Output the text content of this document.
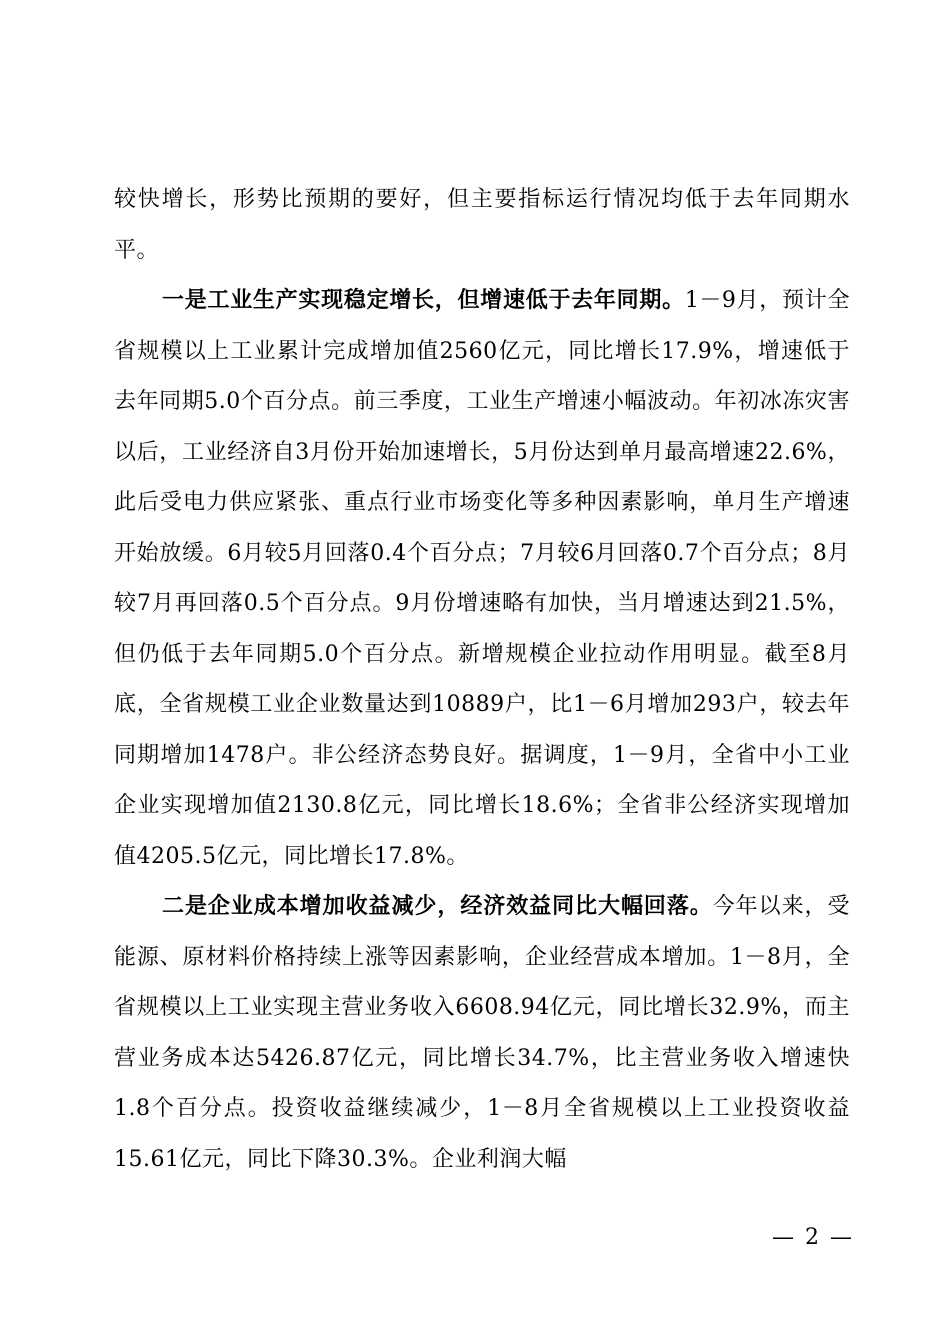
较快增长，形势比预期的要好，但主要指标运行情况均低于去年同期水平。

一是工业生产实现稳定增长，但增速低于去年同期。1－9月，预计全省规模以上工业累计完成增加值2560亿元，同比增长17.9%，增速低于去年同期5.0个百分点。前三季度，工业生产增速小幅波动。年初冰冻灾害以后，工业经济自3月份开始加速增长，5月份达到单月最高增速22.6%，此后受电力供应紧张、重点行业市场变化等多种因素影响，单月生产增速开始放缓。6月较5月回落0.4个百分点；7月较6月回落0.7个百分点；8月较7月再回落0.5个百分点。9月份增速略有加快，当月增速达到21.5%，但仍低于去年同期5.0个百分点。新增规模企业拉动作用明显。截至8月底，全省规模工业企业数量达到10889户，比1－6月增加293户，较去年同期增加1478户。非公经济态势良好。据调度，1－9月，全省中小工业企业实现增加值2130.8亿元，同比增长18.6%；全省非公经济实现增加值4205.5亿元，同比增长17.8%。

二是企业成本增加收益减少，经济效益同比大幅回落。今年以来，受能源、原材料价格持续上涨等因素影响，企业经营成本增加。1－8月，全省规模以上工业实现主营业务收入6608.94亿元，同比增长32.9%，而主营业务成本达5426.87亿元，同比增长34.7%，比主营业务收入增速快1.8个百分点。投资收益继续减少，1－8月全省规模以上工业投资收益15.61亿元，同比下降30.3%。企业利润大幅

— 2 —
